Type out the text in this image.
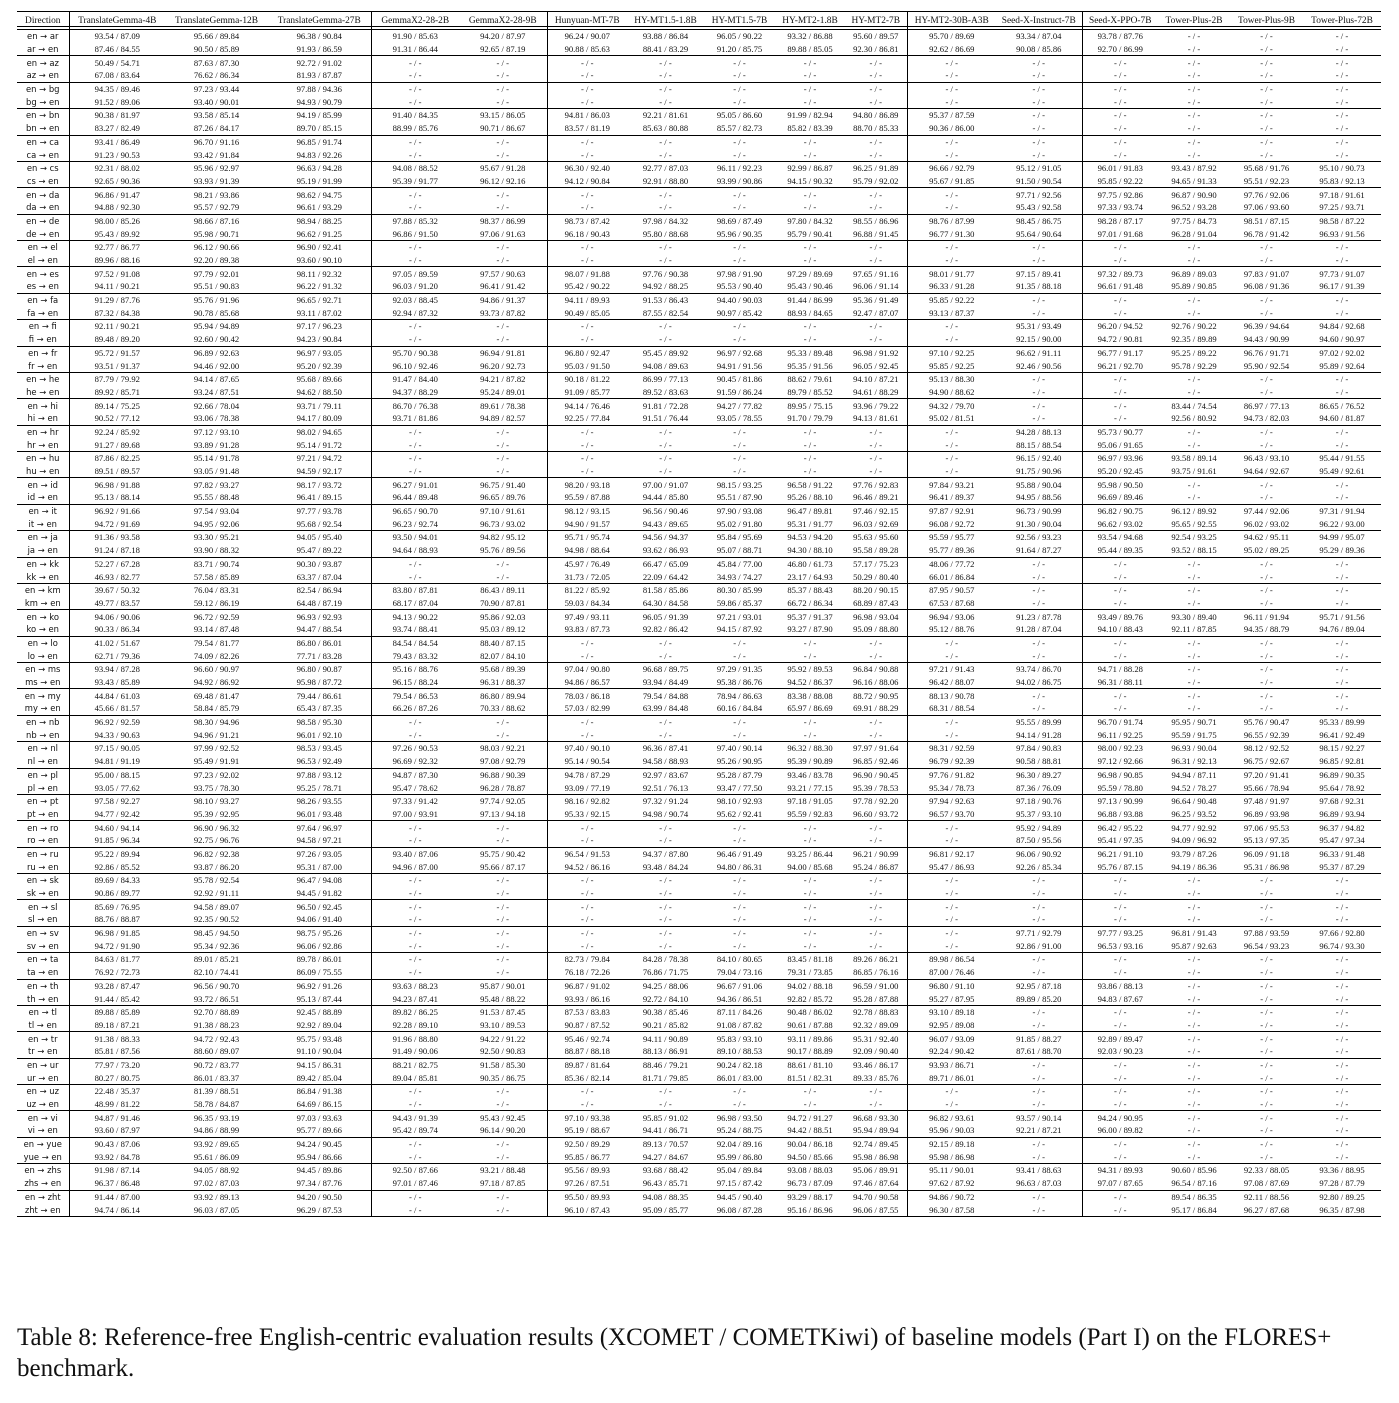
Direction	TranslateGemma-4B	TranslateGemma-12B	TranslateGemma-27B	GemmaX2-28-2B	GemmaX2-28-9B	Hunyuan-MT-7B	HY-MT1.5-1.8B	HY-MT1.5-7B	HY-MT2-1.8B	HY-MT2-7B	HY-MT2-30B-A3B	Seed-X-Instruct-7B	Seed-X-PPO-7B	Tower-Plus-2B	Tower-Plus-9B	Tower-Plus-72B
en → ar	93.54 / 87.09	95.66 / 89.84	96.38 / 90.84	91.90 / 85.63	94.20 / 87.97	96.24 / 90.07	93.88 / 86.84	96.05 / 90.22	93.32 / 86.88	95.60 / 89.57	95.70 / 89.69	93.34 / 87.04	93.78 / 87.76	- / -	- / -	- / -
ar → en	87.46 / 84.55	90.50 / 85.89	91.93 / 86.59	91.31 / 86.44	92.65 / 87.19	90.88 / 85.63	88.41 / 83.29	91.20 / 85.75	89.88 / 85.05	92.30 / 86.81	92.62 / 86.69	90.08 / 85.86	92.70 / 86.99	- / -	- / -	- / -
en → az	50.49 / 54.71	87.63 / 87.30	92.72 / 91.02	- / -	- / -	- / -	- / -	- / -	- / -	- / -	- / -	- / -	- / -	- / -	- / -	- / -
az → en	67.08 / 83.64	76.62 / 86.34	81.93 / 87.87	- / -	- / -	- / -	- / -	- / -	- / -	- / -	- / -	- / -	- / -	- / -	- / -	- / -
en → bg	94.35 / 89.46	97.23 / 93.44	97.88 / 94.36	- / -	- / -	- / -	- / -	- / -	- / -	- / -	- / -	- / -	- / -	- / -	- / -	- / -
bg → en	91.52 / 89.06	93.40 / 90.01	94.93 / 90.79	- / -	- / -	- / -	- / -	- / -	- / -	- / -	- / -	- / -	- / -	- / -	- / -	- / -
en → bn	90.38 / 81.97	93.58 / 85.14	94.19 / 85.99	91.40 / 84.35	93.15 / 86.05	94.81 / 86.03	92.21 / 81.61	95.05 / 86.60	91.99 / 82.94	94.80 / 86.89	95.37 / 87.59	- / -	- / -	- / -	- / -	- / -
bn → en	83.27 / 82.49	87.26 / 84.17	89.70 / 85.15	88.99 / 85.76	90.71 / 86.67	83.57 / 81.19	85.63 / 80.88	85.57 / 82.73	85.82 / 83.39	88.70 / 85.33	90.36 / 86.00	- / -	- / -	- / -	- / -	- / -
en → ca	93.41 / 86.49	96.70 / 91.16	96.85 / 91.74	- / -	- / -	- / -	- / -	- / -	- / -	- / -	- / -	- / -	- / -	- / -	- / -	- / -
ca → en	91.23 / 90.53	93.42 / 91.84	94.83 / 92.26	- / -	- / -	- / -	- / -	- / -	- / -	- / -	- / -	- / -	- / -	- / -	- / -	- / -
en → cs	92.31 / 88.02	95.96 / 92.97	96.63 / 94.28	94.08 / 88.52	95.67 / 91.28	96.30 / 92.40	92.77 / 87.03	96.11 / 92.23	92.99 / 86.87	96.25 / 91.89	96.66 / 92.79	95.12 / 91.05	96.01 / 91.83	93.43 / 87.92	95.68 / 91.76	95.10 / 90.73
cs → en	92.65 / 90.36	93.93 / 91.39	95.19 / 91.99	95.39 / 91.77	96.12 / 92.16	94.12 / 90.84	92.91 / 88.80	93.99 / 90.86	94.15 / 90.32	95.79 / 92.02	95.67 / 91.85	91.50 / 90.54	95.85 / 92.22	94.65 / 91.33	95.51 / 92.23	95.83 / 92.13
en → da	96.86 / 91.47	98.21 / 93.86	98.62 / 94.75	- / -	- / -	- / -	- / -	- / -	- / -	- / -	- / -	97.71 / 92.56	97.75 / 92.86	96.87 / 90.90	97.76 / 92.06	97.18 / 91.61
da → en	94.88 / 92.30	95.57 / 92.79	96.61 / 93.29	- / -	- / -	- / -	- / -	- / -	- / -	- / -	- / -	95.43 / 92.58	97.33 / 93.74	96.52 / 93.28	97.06 / 93.60	97.25 / 93.71
en → de	98.00 / 85.26	98.66 / 87.16	98.94 / 88.25	97.88 / 85.32	98.37 / 86.99	98.73 / 87.42	97.98 / 84.32	98.69 / 87.49	97.80 / 84.32	98.55 / 86.96	98.76 / 87.99	98.45 / 86.75	98.28 / 87.17	97.75 / 84.73	98.51 / 87.15	98.58 / 87.22
de → en	95.43 / 89.92	95.98 / 90.71	96.62 / 91.25	96.86 / 91.50	97.06 / 91.63	96.18 / 90.43	95.80 / 88.68	95.96 / 90.35	95.79 / 90.41	96.88 / 91.45	96.77 / 91.30	95.64 / 90.64	97.01 / 91.68	96.28 / 91.04	96.78 / 91.42	96.93 / 91.56
en → el	92.77 / 86.77	96.12 / 90.66	96.90 / 92.41	- / -	- / -	- / -	- / -	- / -	- / -	- / -	- / -	- / -	- / -	- / -	- / -	- / -
el → en	89.96 / 88.16	92.20 / 89.38	93.60 / 90.10	- / -	- / -	- / -	- / -	- / -	- / -	- / -	- / -	- / -	- / -	- / -	- / -	- / -
en → es	97.52 / 91.08	97.79 / 92.01	98.11 / 92.32	97.05 / 89.59	97.57 / 90.63	98.07 / 91.88	97.76 / 90.38	97.98 / 91.90	97.29 / 89.69	97.65 / 91.16	98.01 / 91.77	97.15 / 89.41	97.32 / 89.73	96.89 / 89.03	97.83 / 91.07	97.73 / 91.07
es → en	94.11 / 90.21	95.51 / 90.83	96.22 / 91.32	96.03 / 91.20	96.41 / 91.42	95.42 / 90.22	94.92 / 88.25	95.53 / 90.40	95.43 / 90.46	96.06 / 91.14	96.33 / 91.28	91.35 / 88.18	96.61 / 91.48	95.89 / 90.85	96.08 / 91.36	96.17 / 91.39
en → fa	91.29 / 87.76	95.76 / 91.96	96.65 / 92.71	92.03 / 88.45	94.86 / 91.37	94.11 / 89.93	91.53 / 86.43	94.40 / 90.03	91.44 / 86.99	95.36 / 91.49	95.85 / 92.22	- / -	- / -	- / -	- / -	- / -
fa → en	87.32 / 84.38	90.78 / 85.68	93.11 / 87.02	92.94 / 87.32	93.73 / 87.82	90.49 / 85.05	87.55 / 82.54	90.97 / 85.42	88.93 / 84.65	92.47 / 87.07	93.13 / 87.37	- / -	- / -	- / -	- / -	- / -
en → fi	92.11 / 90.21	95.94 / 94.89	97.17 / 96.23	- / -	- / -	- / -	- / -	- / -	- / -	- / -	- / -	95.31 / 93.49	96.20 / 94.52	92.76 / 90.22	96.39 / 94.64	94.84 / 92.68
fi → en	89.48 / 89.20	92.60 / 90.42	94.23 / 90.84	- / -	- / -	- / -	- / -	- / -	- / -	- / -	- / -	92.15 / 90.00	94.72 / 90.81	92.35 / 89.89	94.43 / 90.99	94.60 / 90.97
en → fr	95.72 / 91.57	96.89 / 92.63	96.97 / 93.05	95.70 / 90.38	96.94 / 91.81	96.80 / 92.47	95.45 / 89.92	96.97 / 92.68	95.33 / 89.48	96.98 / 91.92	97.10 / 92.25	96.62 / 91.11	96.77 / 91.17	95.25 / 89.22	96.76 / 91.71	97.02 / 92.02
fr → en	93.51 / 91.37	94.46 / 92.00	95.20 / 92.39	96.10 / 92.46	96.20 / 92.73	95.03 / 91.50	94.08 / 89.63	94.91 / 91.56	95.35 / 91.56	96.05 / 92.45	95.85 / 92.25	92.46 / 90.56	96.21 / 92.70	95.78 / 92.29	95.90 / 92.54	95.89 / 92.64
en → he	87.79 / 79.92	94.14 / 87.65	95.68 / 89.66	91.47 / 84.40	94.21 / 87.82	90.18 / 81.22	86.99 / 77.13	90.45 / 81.86	88.62 / 79.61	94.10 / 87.21	95.13 / 88.30	- / -	- / -	- / -	- / -	- / -
he → en	89.92 / 85.71	93.24 / 87.51	94.62 / 88.50	94.37 / 88.29	95.24 / 89.01	91.09 / 85.77	89.52 / 83.63	91.59 / 86.24	89.79 / 85.52	94.61 / 88.29	94.90 / 88.62	- / -	- / -	- / -	- / -	- / -
en → hi	89.14 / 75.25	92.66 / 78.04	93.71 / 79.11	86.70 / 76.38	89.61 / 78.38	94.14 / 76.46	91.81 / 72.28	94.27 / 77.82	89.95 / 75.15	93.96 / 79.22	94.32 / 79.70	- / -	- / -	83.44 / 74.54	86.97 / 77.13	86.65 / 76.52
hi → en	90.52 / 77.12	93.06 / 78.38	94.17 / 80.09	93.71 / 81.86	94.89 / 82.57	92.25 / 77.84	91.51 / 76.44	93.05 / 78.55	91.70 / 79.79	94.13 / 81.61	95.02 / 81.51	- / -	- / -	92.56 / 80.92	94.73 / 82.03	94.60 / 81.87
en → hr	92.24 / 85.92	97.12 / 93.10	98.02 / 94.65	- / -	- / -	- / -	- / -	- / -	- / -	- / -	- / -	94.28 / 88.13	95.73 / 90.77	- / -	- / -	- / -
hr → en	91.27 / 89.68	93.89 / 91.28	95.14 / 91.72	- / -	- / -	- / -	- / -	- / -	- / -	- / -	- / -	88.15 / 88.54	95.06 / 91.65	- / -	- / -	- / -
en → hu	87.86 / 82.25	95.14 / 91.78	97.21 / 94.72	- / -	- / -	- / -	- / -	- / -	- / -	- / -	- / -	96.15 / 92.40	96.97 / 93.96	93.58 / 89.14	96.43 / 93.10	95.44 / 91.55
hu → en	89.51 / 89.57	93.05 / 91.48	94.59 / 92.17	- / -	- / -	- / -	- / -	- / -	- / -	- / -	- / -	91.75 / 90.96	95.20 / 92.45	93.75 / 91.61	94.64 / 92.67	95.49 / 92.61
en → id	96.98 / 91.88	97.82 / 93.27	98.17 / 93.72	96.27 / 91.01	96.75 / 91.40	98.20 / 93.18	97.00 / 91.07	98.15 / 93.25	96.58 / 91.22	97.76 / 92.83	97.84 / 93.21	95.88 / 90.04	95.98 / 90.50	- / -	- / -	- / -
id → en	95.13 / 88.14	95.55 / 88.48	96.41 / 89.15	96.44 / 89.48	96.65 / 89.76	95.59 / 87.88	94.44 / 85.80	95.51 / 87.90	95.26 / 88.10	96.46 / 89.21	96.41 / 89.37	94.95 / 88.56	96.69 / 89.46	- / -	- / -	- / -
en → it	96.92 / 91.66	97.54 / 93.04	97.77 / 93.78	96.65 / 90.70	97.10 / 91.61	98.12 / 93.15	96.56 / 90.46	97.90 / 93.08	96.47 / 89.81	97.46 / 92.15	97.87 / 92.91	96.73 / 90.99	96.82 / 90.75	96.12 / 89.92	97.44 / 92.06	97.31 / 91.94
it → en	94.72 / 91.69	94.95 / 92.06	95.68 / 92.54	96.23 / 92.74	96.73 / 93.02	94.90 / 91.57	94.43 / 89.65	95.02 / 91.80	95.31 / 91.77	96.03 / 92.69	96.08 / 92.72	91.30 / 90.04	96.62 / 93.02	95.65 / 92.55	96.02 / 93.02	96.22 / 93.00
en → ja	91.36 / 93.58	93.30 / 95.21	94.05 / 95.40	93.50 / 94.01	94.82 / 95.12	95.71 / 95.74	94.56 / 94.37	95.84 / 95.69	94.53 / 94.20	95.63 / 95.60	95.59 / 95.77	92.56 / 93.23	93.54 / 94.68	92.54 / 93.25	94.62 / 95.11	94.99 / 95.07
ja → en	91.24 / 87.18	93.90 / 88.32	95.47 / 89.22	94.64 / 88.93	95.76 / 89.56	94.98 / 88.64	93.62 / 86.93	95.07 / 88.71	94.30 / 88.10	95.58 / 89.28	95.77 / 89.36	91.64 / 87.27	95.44 / 89.35	93.52 / 88.15	95.02 / 89.25	95.29 / 89.36
en → kk	52.27 / 67.28	83.71 / 90.74	90.30 / 93.87	- / -	- / -	45.97 / 76.49	66.47 / 65.09	45.84 / 77.00	46.80 / 61.73	57.17 / 75.23	48.06 / 77.72	- / -	- / -	- / -	- / -	- / -
kk → en	46.93 / 82.77	57.58 / 85.89	63.37 / 87.04	- / -	- / -	31.73 / 72.05	22.09 / 64.42	34.93 / 74.27	23.17 / 64.93	50.29 / 80.40	66.01 / 86.84	- / -	- / -	- / -	- / -	- / -
en → km	39.67 / 50.32	76.04 / 83.31	82.54 / 86.94	83.80 / 87.81	86.43 / 89.11	81.22 / 85.92	81.58 / 85.86	80.30 / 85.99	85.37 / 88.43	88.20 / 90.15	87.95 / 90.57	- / -	- / -	- / -	- / -	- / -
km → en	49.77 / 83.57	59.12 / 86.19	64.48 / 87.19	68.17 / 87.04	70.90 / 87.81	59.03 / 84.34	64.30 / 84.58	59.86 / 85.37	66.72 / 86.34	68.89 / 87.43	67.53 / 87.68	- / -	- / -	- / -	- / -	- / -
en → ko	94.06 / 90.06	96.72 / 92.59	96.93 / 92.93	94.13 / 90.22	95.86 / 92.03	97.49 / 93.11	96.05 / 91.39	97.21 / 93.01	95.37 / 91.37	96.98 / 93.04	96.94 / 93.06	91.23 / 87.78	93.49 / 89.76	93.30 / 89.40	96.11 / 91.94	95.71 / 91.56
ko → en	90.33 / 86.34	93.14 / 87.48	94.47 / 88.54	93.74 / 88.41	95.03 / 89.12	93.83 / 87.73	92.82 / 86.42	94.15 / 87.92	93.27 / 87.90	95.09 / 88.80	95.12 / 88.76	91.28 / 87.04	94.10 / 88.43	92.11 / 87.85	94.35 / 88.79	94.76 / 89.04
en → lo	41.02 / 51.67	79.54 / 81.77	86.80 / 86.01	84.54 / 84.54	88.40 / 87.15	- / -	- / -	- / -	- / -	- / -	- / -	- / -	- / -	- / -	- / -	- / -
lo → en	62.71 / 79.36	74.09 / 82.26	77.71 / 83.28	79.43 / 83.32	82.07 / 84.10	- / -	- / -	- / -	- / -	- / -	- / -	- / -	- / -	- / -	- / -	- / -
en → ms	93.94 / 87.28	96.60 / 90.97	96.80 / 90.87	95.16 / 88.76	95.68 / 89.39	97.04 / 90.80	96.68 / 89.75	97.29 / 91.35	95.92 / 89.53	96.84 / 90.88	97.21 / 91.43	93.74 / 86.70	94.71 / 88.28	- / -	- / -	- / -
ms → en	93.43 / 85.89	94.92 / 86.92	95.98 / 87.72	96.15 / 88.24	96.31 / 88.37	94.86 / 86.57	93.94 / 84.49	95.38 / 86.76	94.52 / 86.37	96.16 / 88.06	96.42 / 88.07	94.02 / 86.75	96.31 / 88.11	- / -	- / -	- / -
en → my	44.84 / 61.03	69.48 / 81.47	79.44 / 86.61	79.54 / 86.53	86.80 / 89.94	78.03 / 86.18	79.54 / 84.88	78.94 / 86.63	83.38 / 88.08	88.72 / 90.95	88.13 / 90.78	- / -	- / -	- / -	- / -	- / -
my → en	45.66 / 81.57	58.84 / 85.79	65.43 / 87.35	66.26 / 87.26	70.33 / 88.62	57.03 / 82.99	63.99 / 84.48	60.16 / 84.84	65.97 / 86.69	69.91 / 88.29	68.31 / 88.54	- / -	- / -	- / -	- / -	- / -
en → nb	96.92 / 92.59	98.30 / 94.96	98.58 / 95.30	- / -	- / -	- / -	- / -	- / -	- / -	- / -	- / -	95.55 / 89.99	96.70 / 91.74	95.95 / 90.71	95.76 / 90.47	95.33 / 89.99
nb → en	94.33 / 90.63	94.96 / 91.21	96.01 / 92.10	- / -	- / -	- / -	- / -	- / -	- / -	- / -	- / -	94.14 / 91.28	96.11 / 92.25	95.59 / 91.75	96.55 / 92.39	96.41 / 92.49
en → nl	97.15 / 90.05	97.99 / 92.52	98.53 / 93.45	97.26 / 90.53	98.03 / 92.21	97.40 / 90.10	96.36 / 87.41	97.40 / 90.14	96.32 / 88.30	97.97 / 91.64	98.31 / 92.59	97.84 / 90.83	98.00 / 92.23	96.93 / 90.04	98.12 / 92.52	98.15 / 92.27
nl → en	94.81 / 91.19	95.49 / 91.91	96.53 / 92.49	96.69 / 92.32	97.08 / 92.79	95.14 / 90.54	94.58 / 88.93	95.26 / 90.95	95.39 / 90.89	96.85 / 92.46	96.79 / 92.39	90.58 / 88.81	97.12 / 92.66	96.31 / 92.13	96.75 / 92.67	96.85 / 92.81
en → pl	95.00 / 88.15	97.23 / 92.02	97.88 / 93.12	94.87 / 87.30	96.88 / 90.39	94.78 / 87.29	92.97 / 83.67	95.28 / 87.79	93.46 / 83.78	96.90 / 90.45	97.76 / 91.82	96.30 / 89.27	96.98 / 90.85	94.94 / 87.11	97.20 / 91.41	96.89 / 90.35
pl → en	93.05 / 77.62	93.75 / 78.30	95.25 / 78.71	95.47 / 78.62	96.28 / 78.87	93.09 / 77.19	92.51 / 76.13	93.47 / 77.50	93.21 / 77.15	95.39 / 78.53	95.34 / 78.73	87.36 / 76.09	95.59 / 78.80	94.52 / 78.27	95.66 / 78.94	95.64 / 78.92
en → pt	97.58 / 92.27	98.10 / 93.27	98.26 / 93.55	97.33 / 91.42	97.74 / 92.05	98.16 / 92.82	97.32 / 91.24	98.10 / 92.93	97.18 / 91.05	97.78 / 92.20	97.94 / 92.63	97.18 / 90.76	97.13 / 90.99	96.64 / 90.48	97.48 / 91.97	97.68 / 92.31
pt → en	94.77 / 92.42	95.39 / 92.95	96.01 / 93.48	97.00 / 93.91	97.13 / 94.18	95.33 / 92.15	94.98 / 90.74	95.62 / 92.41	95.59 / 92.83	96.60 / 93.72	96.57 / 93.70	95.37 / 93.10	96.88 / 93.88	96.25 / 93.52	96.89 / 93.98	96.89 / 93.94
en → ro	94.60 / 94.14	96.90 / 96.32	97.64 / 96.97	- / -	- / -	- / -	- / -	- / -	- / -	- / -	- / -	95.92 / 94.89	96.42 / 95.22	94.77 / 92.92	97.06 / 95.53	96.37 / 94.82
ro → en	91.85 / 96.34	92.75 / 96.76	94.58 / 97.21	- / -	- / -	- / -	- / -	- / -	- / -	- / -	- / -	87.50 / 95.56	95.41 / 97.35	94.09 / 96.92	95.13 / 97.35	95.47 / 97.34
en → ru	95.22 / 89.94	96.82 / 92.38	97.26 / 93.05	93.40 / 87.06	95.75 / 90.42	96.54 / 91.53	94.37 / 87.80	96.46 / 91.49	93.25 / 86.44	96.21 / 90.99	96.81 / 92.17	96.06 / 90.92	96.21 / 91.10	93.79 / 87.26	96.09 / 91.18	96.33 / 91.48
ru → en	92.86 / 85.52	93.87 / 86.20	95.31 / 87.00	94.96 / 87.00	95.66 / 87.17	94.52 / 86.16	93.48 / 84.24	94.80 / 86.31	94.00 / 85.68	95.24 / 86.87	95.47 / 86.93	92.26 / 85.34	95.76 / 87.15	94.19 / 86.36	95.31 / 86.98	95.37 / 87.29
en → sk	89.69 / 84.33	95.78 / 92.54	96.47 / 94.08	- / -	- / -	- / -	- / -	- / -	- / -	- / -	- / -	- / -	- / -	- / -	- / -	- / -
sk → en	90.86 / 89.77	92.92 / 91.11	94.45 / 91.82	- / -	- / -	- / -	- / -	- / -	- / -	- / -	- / -	- / -	- / -	- / -	- / -	- / -
en → sl	85.69 / 76.95	94.58 / 89.07	96.50 / 92.45	- / -	- / -	- / -	- / -	- / -	- / -	- / -	- / -	- / -	- / -	- / -	- / -	- / -
sl → en	88.76 / 88.87	92.35 / 90.52	94.06 / 91.40	- / -	- / -	- / -	- / -	- / -	- / -	- / -	- / -	- / -	- / -	- / -	- / -	- / -
en → sv	96.98 / 91.85	98.45 / 94.50	98.75 / 95.26	- / -	- / -	- / -	- / -	- / -	- / -	- / -	- / -	97.71 / 92.79	97.77 / 93.25	96.81 / 91.43	97.88 / 93.59	97.66 / 92.80
sv → en	94.72 / 91.90	95.34 / 92.36	96.06 / 92.86	- / -	- / -	- / -	- / -	- / -	- / -	- / -	- / -	92.86 / 91.00	96.53 / 93.16	95.87 / 92.63	96.54 / 93.23	96.74 / 93.30
en → ta	84.63 / 81.77	89.01 / 85.21	89.78 / 86.01	- / -	- / -	82.73 / 79.84	84.28 / 78.38	84.10 / 80.65	83.45 / 81.18	89.26 / 86.21	89.98 / 86.54	- / -	- / -	- / -	- / -	- / -
ta → en	76.92 / 72.73	82.10 / 74.41	86.09 / 75.55	- / -	- / -	76.18 / 72.26	76.86 / 71.75	79.04 / 73.16	79.31 / 73.85	86.85 / 76.16	87.00 / 76.46	- / -	- / -	- / -	- / -	- / -
en → th	93.28 / 87.47	96.56 / 90.70	96.92 / 91.26	93.63 / 88.23	95.87 / 90.01	96.87 / 91.02	94.25 / 88.06	96.67 / 91.06	94.02 / 88.18	96.59 / 91.00	96.80 / 91.10	92.95 / 87.18	93.86 / 88.13	- / -	- / -	- / -
th → en	91.44 / 85.42	93.72 / 86.51	95.13 / 87.44	94.23 / 87.41	95.48 / 88.22	93.93 / 86.16	92.72 / 84.10	94.36 / 86.51	92.82 / 85.72	95.28 / 87.88	95.27 / 87.95	89.89 / 85.20	94.83 / 87.67	- / -	- / -	- / -
en → tl	89.88 / 85.89	92.70 / 88.89	92.45 / 88.89	89.82 / 86.25	91.53 / 87.45	87.53 / 83.83	90.38 / 85.46	87.11 / 84.26	90.48 / 86.02	92.78 / 88.83	93.10 / 89.18	- / -	- / -	- / -	- / -	- / -
tl → en	89.18 / 87.21	91.38 / 88.23	92.92 / 89.04	92.28 / 89.10	93.10 / 89.53	90.87 / 87.52	90.21 / 85.82	91.08 / 87.82	90.61 / 87.88	92.32 / 89.09	92.95 / 89.08	- / -	- / -	- / -	- / -	- / -
en → tr	91.38 / 88.33	94.72 / 92.43	95.75 / 93.48	91.96 / 88.80	94.22 / 91.22	95.46 / 92.74	94.11 / 90.89	95.83 / 93.10	93.11 / 89.86	95.31 / 92.40	96.07 / 93.09	91.85 / 88.27	92.89 / 89.47	- / -	- / -	- / -
tr → en	85.81 / 87.56	88.60 / 89.07	91.10 / 90.04	91.49 / 90.06	92.50 / 90.83	88.87 / 88.18	88.13 / 86.91	89.10 / 88.53	90.17 / 88.89	92.09 / 90.40	92.24 / 90.42	87.61 / 88.70	92.03 / 90.23	- / -	- / -	- / -
en → ur	77.97 / 73.20	90.72 / 83.77	94.15 / 86.31	88.21 / 82.75	91.58 / 85.30	89.87 / 81.64	88.46 / 79.21	90.24 / 82.18	88.61 / 81.10	93.46 / 86.17	93.93 / 86.71	- / -	- / -	- / -	- / -	- / -
ur → en	80.27 / 80.75	86.01 / 83.37	89.42 / 85.04	89.04 / 85.81	90.35 / 86.75	85.36 / 82.14	81.71 / 79.85	86.01 / 83.00	81.51 / 82.31	89.33 / 85.76	89.71 / 86.01	- / -	- / -	- / -	- / -	- / -
en → uz	22.48 / 35.37	81.39 / 88.51	86.84 / 91.38	- / -	- / -	- / -	- / -	- / -	- / -	- / -	- / -	- / -	- / -	- / -	- / -	- / -
uz → en	48.99 / 81.22	58.78 / 84.87	64.69 / 86.15	- / -	- / -	- / -	- / -	- / -	- / -	- / -	- / -	- / -	- / -	- / -	- / -	- / -
en → vi	94.87 / 91.46	96.35 / 93.19	97.03 / 93.63	94.43 / 91.39	95.43 / 92.45	97.10 / 93.38	95.85 / 91.02	96.98 / 93.50	94.72 / 91.27	96.68 / 93.30	96.82 / 93.61	93.57 / 90.14	94.24 / 90.95	- / -	- / -	- / -
vi → en	93.60 / 87.97	94.86 / 88.99	95.77 / 89.66	95.42 / 89.74	96.14 / 90.20	95.19 / 88.67	94.41 / 86.71	95.24 / 88.75	94.42 / 88.51	95.94 / 89.94	95.96 / 90.03	92.21 / 87.21	96.00 / 89.82	- / -	- / -	- / -
en → yue	90.43 / 87.06	93.92 / 89.65	94.24 / 90.45	- / -	- / -	92.50 / 89.29	89.13 / 70.57	92.04 / 89.16	90.04 / 86.18	92.74 / 89.45	92.15 / 89.18	- / -	- / -	- / -	- / -	- / -
yue → en	93.92 / 84.78	95.61 / 86.09	95.94 / 86.66	- / -	- / -	95.85 / 86.77	94.27 / 84.67	95.99 / 86.80	94.50 / 85.66	95.98 / 86.98	95.98 / 86.98	- / -	- / -	- / -	- / -	- / -
en → zhs	91.98 / 87.14	94.05 / 88.92	94.45 / 89.86	92.50 / 87.66	93.21 / 88.48	95.56 / 89.93	93.68 / 88.42	95.04 / 89.84	93.08 / 88.03	95.06 / 89.91	95.11 / 90.01	93.41 / 88.63	94.31 / 89.93	90.60 / 85.96	92.33 / 88.05	93.36 / 88.95
zhs → en	96.37 / 86.48	97.02 / 87.03	97.34 / 87.76	97.01 / 87.46	97.18 / 87.85	97.26 / 87.51	96.43 / 85.71	97.15 / 87.42	96.73 / 87.09	97.46 / 87.64	97.62 / 87.92	96.63 / 87.03	97.07 / 87.65	96.54 / 87.16	97.08 / 87.69	97.28 / 87.79
en → zht	91.44 / 87.00	93.92 / 89.13	94.20 / 90.50	- / -	- / -	95.50 / 89.93	94.08 / 88.35	94.45 / 90.40	93.29 / 88.17	94.70 / 90.58	94.86 / 90.72	- / -	- / -	89.54 / 86.35	92.11 / 88.56	92.80 / 89.25
zht → en	94.74 / 86.14	96.03 / 87.05	96.29 / 87.53	- / -	- / -	96.10 / 87.43	95.09 / 85.77	96.08 / 87.28	95.16 / 86.96	96.06 / 87.55	96.30 / 87.58	- / -	- / -	95.17 / 86.84	96.27 / 87.68	96.35 / 87.98

Table 8: Reference-free English-centric evaluation results (XCOMET / COMETKiwi) of baseline models (Part I) on the FLORES+ benchmark.
